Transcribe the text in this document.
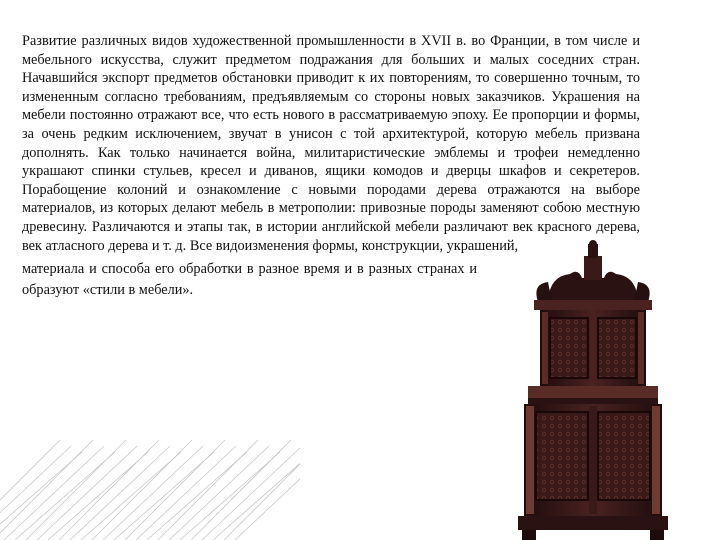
Развитие различных видов художественной промышленности в XVII в. во Франции, в том числе и мебельного искусства, служит предметом подражания для больших и малых соседних стран. Начавшийся экспорт предметов обстановки приводит к их повторениям, то совершенно точным, то измененным согласно требованиям, предъявляемым со стороны новых заказчиков. Украшения на мебели постоянно отражают все, что есть нового в рассматриваемую эпоху. Ее пропорции и формы, за очень редким исключением, звучат в унисон с той архитектурой, которую мебель призвана дополнять. Как только начинается война, милитаристические эмблемы и трофеи немедленно украшают спинки стульев, кресел и диванов, ящики комодов и дверцы шкафов и секретеров. Порабощение колоний и ознакомление с новыми породами дерева отражаются на выборе материалов, из которых делают мебель в метрополии: привозные породы заменяют собою местную древесину. Различаются и этапы так, в истории английской мебели различают век красного дерева, век атласного дерева и т. д. Все видоизменения формы, конструкции, украшений,

материала и способа его обработки в разное время и в разных странах и образуют «стили в мебели».
